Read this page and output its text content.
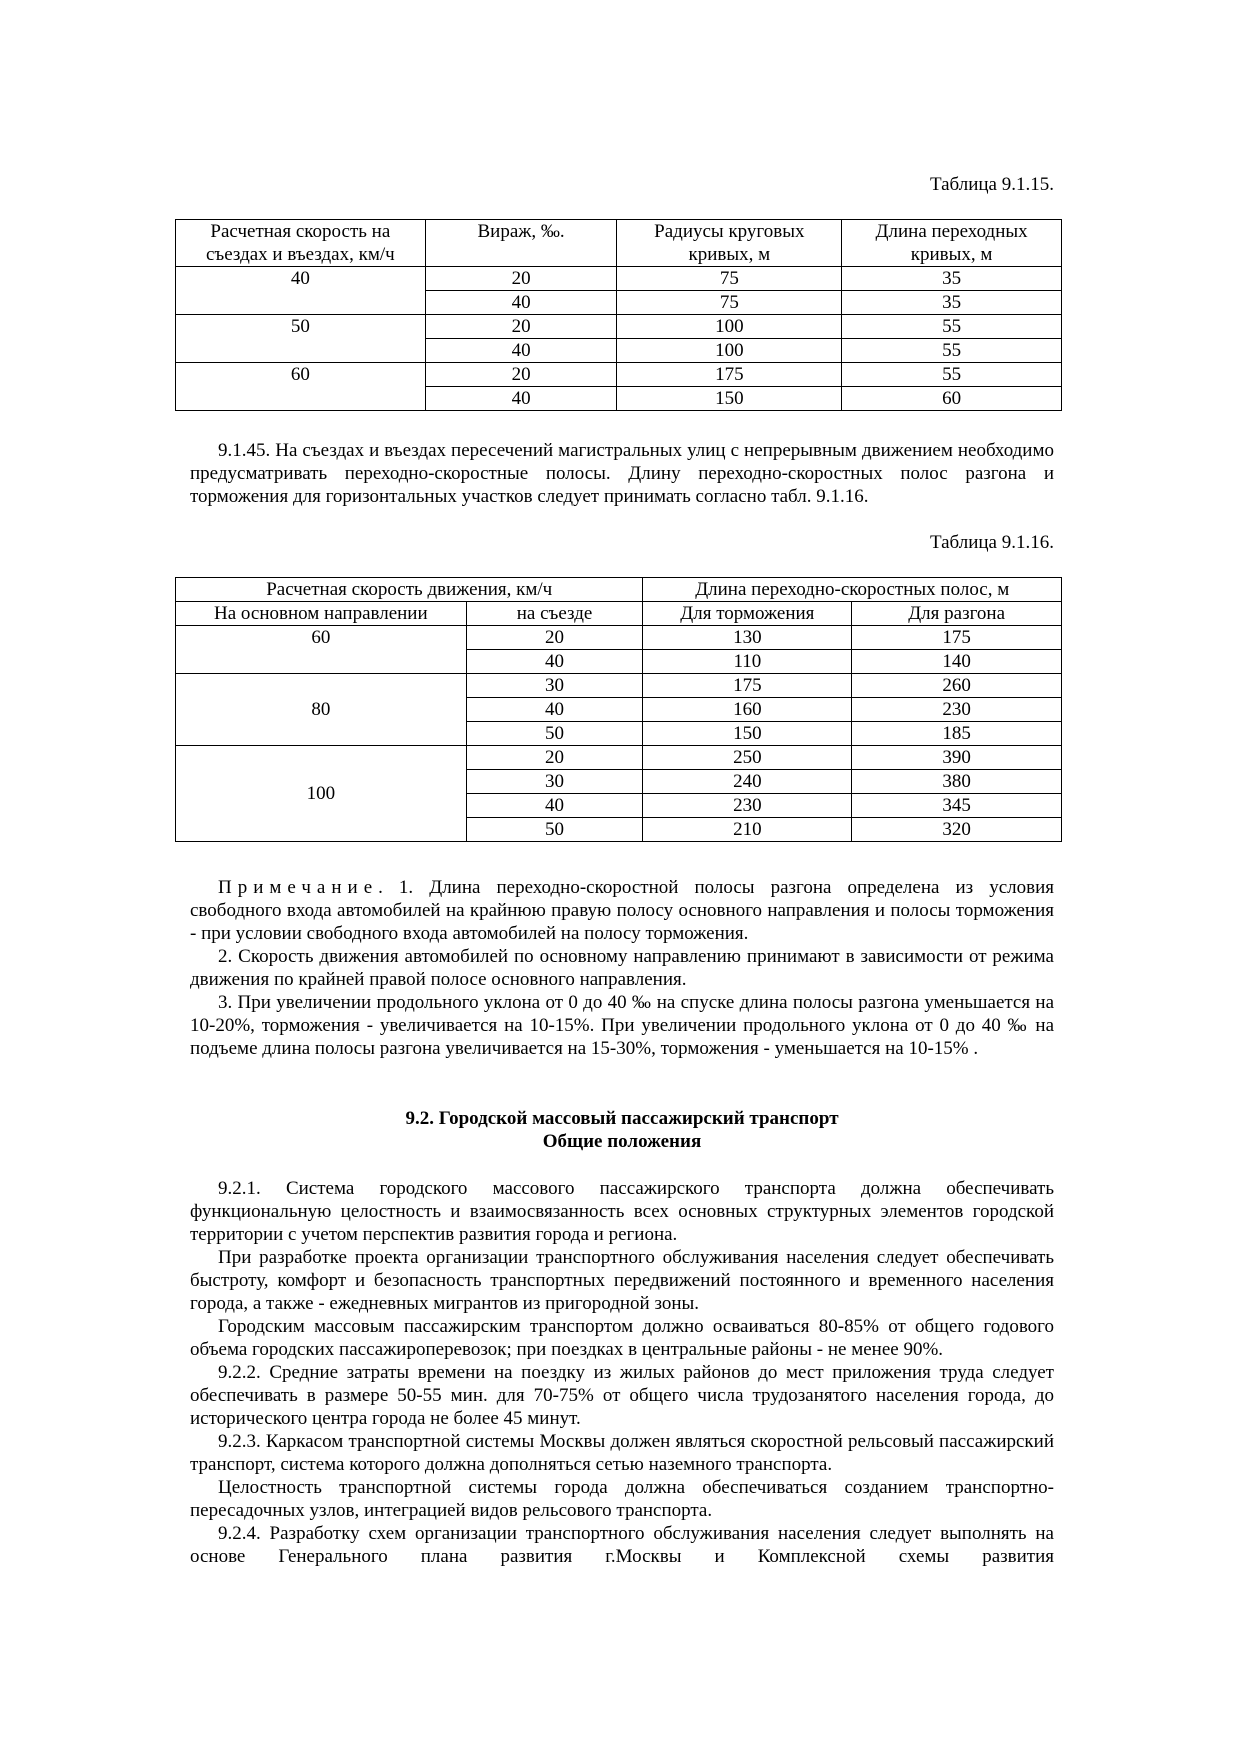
Таблица 9.1.15.
Расчетная скорость на съездах и въездах, км/ч	Вираж, ‰.	Радиусы круговых кривых, м	Длина переходных кривых, м
40	20	75	35
	40	75	35
50	20	100	55
	40	100	55
60	20	175	55
	40	150	60

9.1.45. На съездах и въездах пересечений магистральных улиц с непрерывным движением необходимо предусматривать переходно-скоростные полосы. Длину переходно-скоростных полос разгона и торможения для горизонтальных участков следует принимать согласно табл. 9.1.16.

Таблица 9.1.16.
Расчетная скорость движения, км/ч		Длина переходно-скоростных полос, м	
На основном направлении	на съезде	Для торможения	Для разгона
60	20	130	175
	40	110	140
80	30	175	260
	40	160	230
	50	150	185
100	20	250	390
	30	240	380
	40	230	345
	50	210	320

Примечание. 1. Длина переходно-скоростной полосы разгона определена из условия свободного входа автомобилей на крайнюю правую полосу основного направления и полосы торможения - при условии свободного входа автомобилей на полосу торможения.

2. Скорость движения автомобилей по основному направлению принимают в зависимости от режима движения по крайней правой полосе основного направления.

3. При увеличении продольного уклона от 0 до 40 ‰ на спуске длина полосы разгона уменьшается на 10-20%, торможения - увеличивается на 10-15%. При увеличении продольного уклона от 0 до 40 ‰ на подъеме длина полосы разгона увеличивается на 15-30%, торможения - уменьшается на 10-15% .

9.2. Городской массовый пассажирский транспорт
Общие положения

9.2.1. Система городского массового пассажирского транспорта должна обеспечивать функциональную целостность и взаимосвязанность всех основных структурных элементов городской территории с учетом перспектив развития города и региона.

При разработке проекта организации транспортного обслуживания населения следует обеспечивать быстроту, комфорт и безопасность транспортных передвижений постоянного и временного населения города, а также - ежедневных мигрантов из пригородной зоны.

Городским массовым пассажирским транспортом должно осваиваться 80-85% от общего годового объема городских пассажироперевозок; при поездках в центральные районы - не менее 90%.

9.2.2. Средние затраты времени на поездку из жилых районов до мест приложения труда следует обеспечивать в размере 50-55 мин. для 70-75% от общего числа трудозанятого населения города, до исторического центра города не более 45 минут.

9.2.3. Каркасом транспортной системы Москвы должен являться скоростной рельсовый пассажирский транспорт, система которого должна дополняться сетью наземного транспорта.

Целостность транспортной системы города должна обеспечиваться созданием транспортно-пересадочных узлов, интеграцией видов рельсового транспорта.

9.2.4. Разработку схем организации транспортного обслуживания населения следует выполнять на основе Генерального плана развития г.Москвы и Комплексной схемы развития
